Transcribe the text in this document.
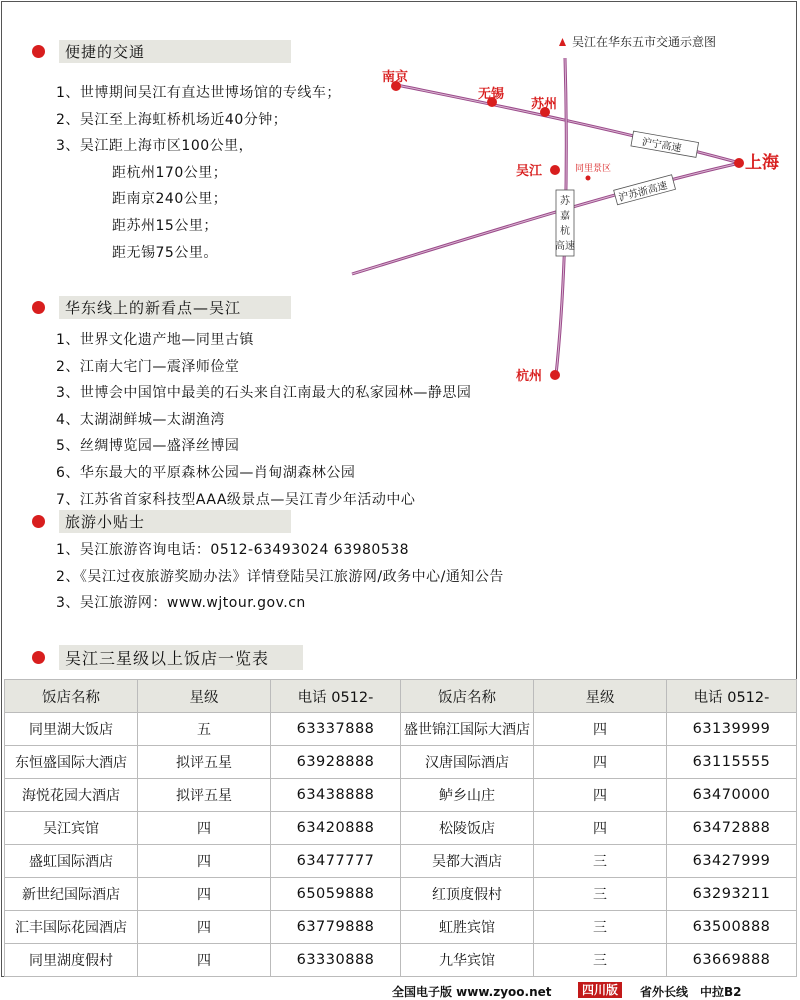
便捷的交通
1、世博期间吴江有直达世博场馆的专线车；
2、吴江至上海虹桥机场近40分钟；
3、吴江距上海市区100公里，
距杭州170公里；
距南京240公里；
距苏州15公里；
距无锡75公里。
吴江在华东五市交通示意图
沪宁高速
沪苏浙高速
苏
嘉
杭
高速
南京
无锡
苏州
上海
吴江	同里景区
杭州
华东线上的新看点—吴江
1、世界文化遗产地—同里古镇
2、江南大宅门—震泽师俭堂
3、世博会中国馆中最美的石头来自江南最大的私家园林—静思园
4、太湖湖鲜城—太湖渔湾
5、丝绸博览园—盛泽丝博园
6、华东最大的平原森林公园—肖甸湖森林公园
7、江苏省首家科技型AAA级景点—吴江青少年活动中心
旅游小贴士
1、吴江旅游咨询电话：0512-63493024 63980538
2、《吴江过夜旅游奖励办法》详情登陆吴江旅游网/政务中心/通知公告
3、吴江旅游网：www.wjtour.gov.cn
吴江三星级以上饭店一览表
饭店名称	星级	电话 0512-	饭店名称	星级	电话 0512-
同里湖大饭店	五	63337888	盛世锦江国际大酒店	四	63139999
东恒盛国际大酒店	拟评五星	63928888	汉唐国际酒店	四	63115555
海悦花园大酒店	拟评五星	63438888	鲈乡山庄	四	63470000
吴江宾馆	四	63420888	松陵饭店	四	63472888
盛虹国际酒店	四	63477777	吴都大酒店	三	63427999
新世纪国际酒店	四	65059888	红顶度假村	三	63293211
汇丰国际花园酒店	四	63779888	虹胜宾馆	三	63500888
同里湖度假村	四	63330888	九华宾馆	三	63669888
全国电子版 www.zyoo.net	四川版	省外长线　中拉B2
